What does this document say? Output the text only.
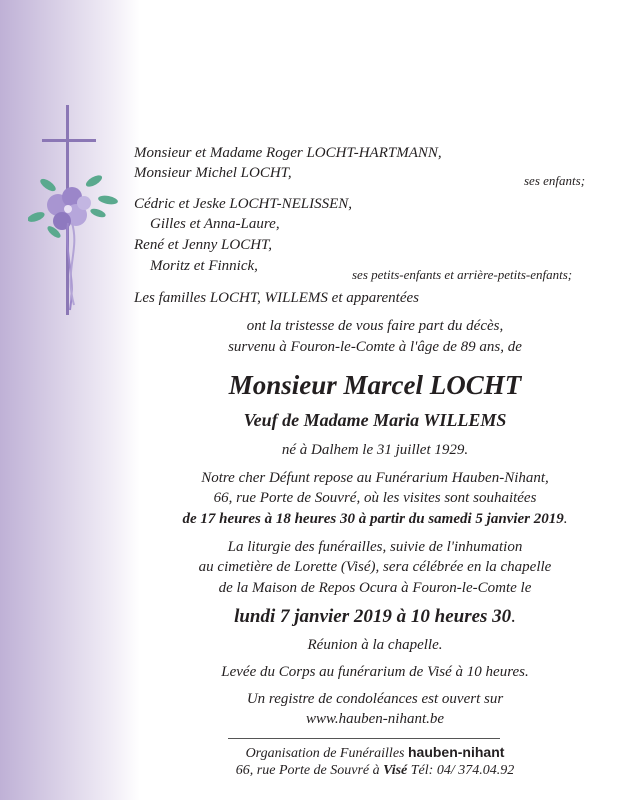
Monsieur et Madame Roger LOCHT-HARTMANN,
Monsieur Michel LOCHT,	ses enfants;
Cédric et Jeske LOCHT-NELISSEN,
Gilles et Anna-Laure,
René et Jenny LOCHT,
Moritz et Finnick,
ses petits-enfants et arrière-petits-enfants;
Les familles LOCHT, WILLEMS et apparentées
ont la tristesse de vous faire part du décès,
survenu à Fouron-le-Comte à l'âge de 89 ans, de
Monsieur Marcel LOCHT
Veuf de Madame Maria WILLEMS
né à Dalhem le 31 juillet 1929.
Notre cher Défunt repose au Funérarium Hauben-Nihant,
66, rue Porte de Souvré, où les visites sont souhaitées
de 17 heures à 18 heures 30 à partir du samedi 5 janvier 2019.
La liturgie des funérailles, suivie de l'inhumation
au cimetière de Lorette (Visé), sera célébrée en la chapelle
de la Maison de Repos Ocura à Fouron-le-Comte le
lundi 7 janvier 2019 à 10 heures 30.
Réunion à la chapelle.
Levée du Corps au funérarium de Visé à 10 heures.
Un registre de condoléances est ouvert sur
www.hauben-nihant.be
Organisation de Funérailles hauben-nihant
66, rue Porte de Souvré à Visé Tél: 04/ 374.04.92
